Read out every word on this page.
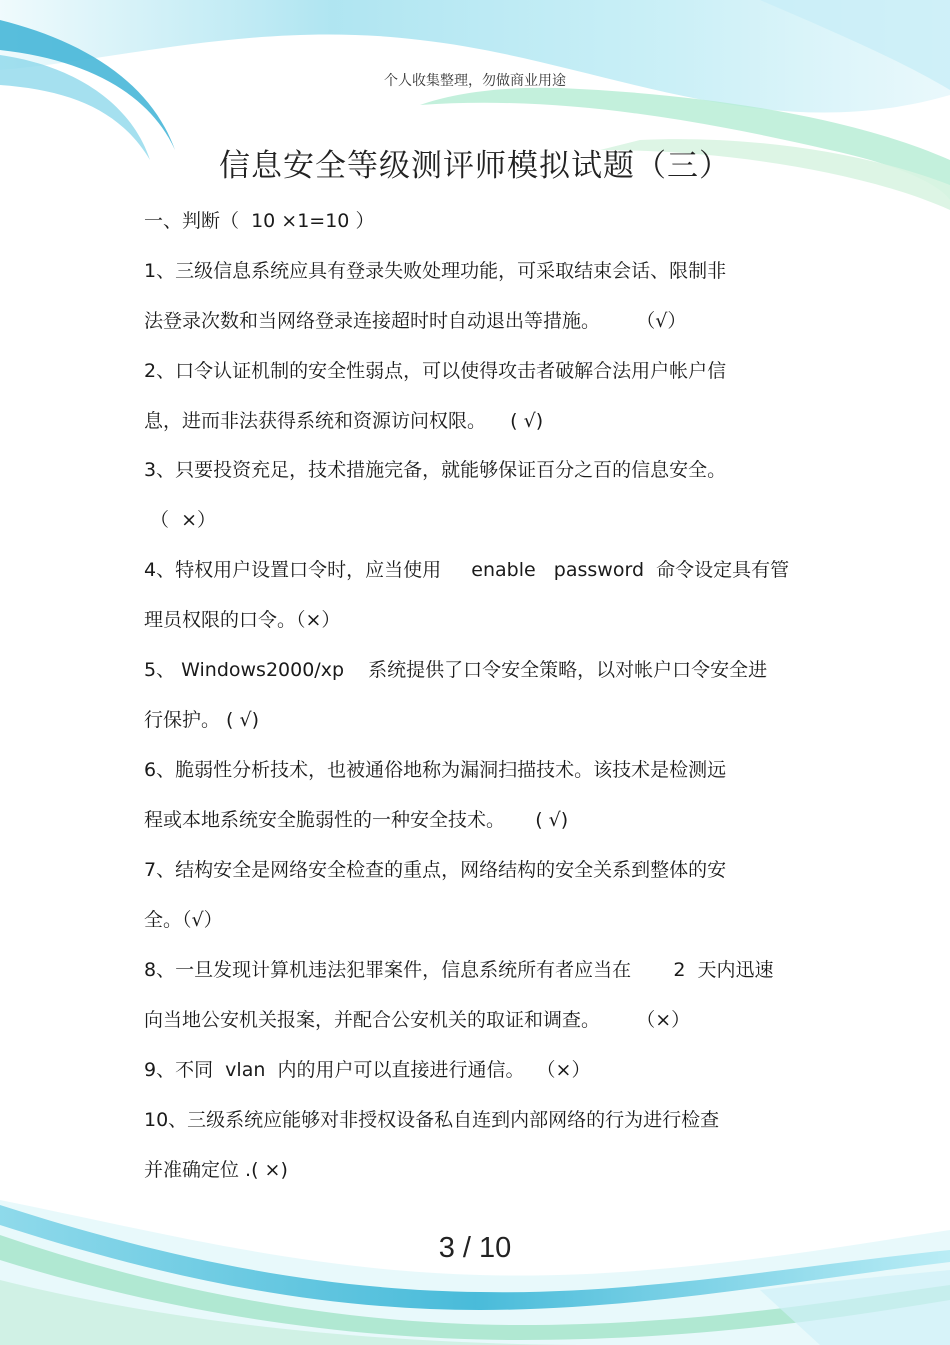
个人收集整理，勿做商业用途
信息安全等级测评师模拟试题（三）
一、判断（  10 ×1=10 ）
1、三级信息系统应具有登录失败处理功能，可采取结束会话、限制非
法登录次数和当网络登录连接超时时自动退出等措施。      （√）
2、口令认证机制的安全性弱点，可以使得攻击者破解合法用户帐户信
息，进而非法获得系统和资源访问权限。    ( √)
3、只要投资充足，技术措施完备，就能够保证百分之百的信息安全。
（  ×）
4、特权用户设置口令时，应当使用     enable   password  命令设定具有管
理员权限的口令。（×）
5、 Windows2000/xp    系统提供了口令安全策略，以对帐户口令安全进
行保护。 ( √)
6、脆弱性分析技术，也被通俗地称为漏洞扫描技术。该技术是检测远
程或本地系统安全脆弱性的一种安全技术。     ( √)
7、结构安全是网络安全检查的重点，网络结构的安全关系到整体的安
全。（√）
8、一旦发现计算机违法犯罪案件，信息系统所有者应当在       2  天内迅速
向当地公安机关报案，并配合公安机关的取证和调查。      （×）
9、不同  vlan  内的用户可以直接进行通信。  （×）
10、三级系统应能够对非授权设备私自连到内部网络的行为进行检查
并准确定位 .( ×)
3 / 10
